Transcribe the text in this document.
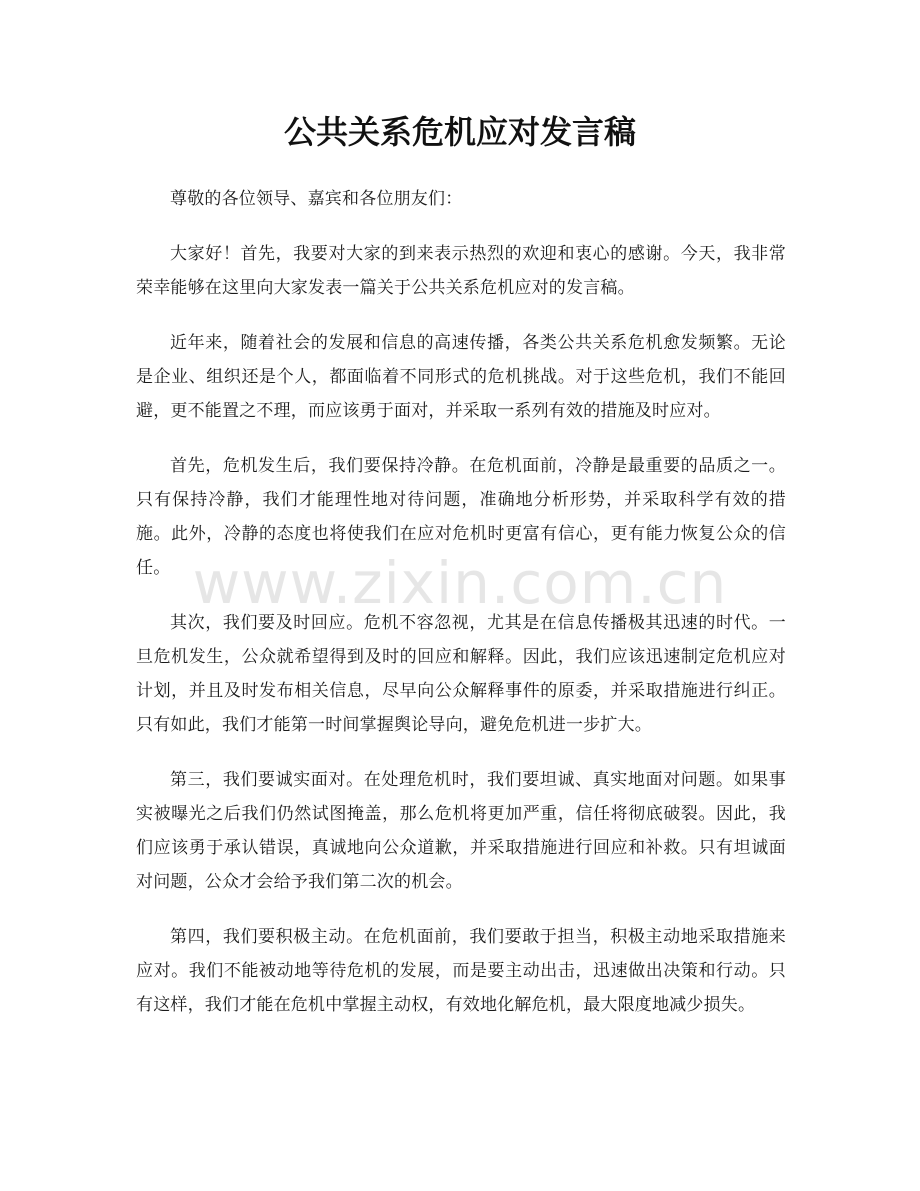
公共关系危机应对发言稿

尊敬的各位领导、嘉宾和各位朋友们：

大家好！首先，我要对大家的到来表示热烈的欢迎和衷心的感谢。今天，我非常荣幸能够在这里向大家发表一篇关于公共关系危机应对的发言稿。

近年来，随着社会的发展和信息的高速传播，各类公共关系危机愈发频繁。无论是企业、组织还是个人，都面临着不同形式的危机挑战。对于这些危机，我们不能回避，更不能置之不理，而应该勇于面对，并采取一系列有效的措施及时应对。

首先，危机发生后，我们要保持冷静。在危机面前，冷静是最重要的品质之一。只有保持冷静，我们才能理性地对待问题，准确地分析形势，并采取科学有效的措施。此外，冷静的态度也将使我们在应对危机时更富有信心，更有能力恢复公众的信任。

其次，我们要及时回应。危机不容忽视，尤其是在信息传播极其迅速的时代。一旦危机发生，公众就希望得到及时的回应和解释。因此，我们应该迅速制定危机应对计划，并且及时发布相关信息，尽早向公众解释事件的原委，并采取措施进行纠正。只有如此，我们才能第一时间掌握舆论导向，避免危机进一步扩大。

第三，我们要诚实面对。在处理危机时，我们要坦诚、真实地面对问题。如果事实被曝光之后我们仍然试图掩盖，那么危机将更加严重，信任将彻底破裂。因此，我们应该勇于承认错误，真诚地向公众道歉，并采取措施进行回应和补救。只有坦诚面对问题，公众才会给予我们第二次的机会。

第四，我们要积极主动。在危机面前，我们要敢于担当，积极主动地采取措施来应对。我们不能被动地等待危机的发展，而是要主动出击，迅速做出决策和行动。只有这样，我们才能在危机中掌握主动权，有效地化解危机，最大限度地减少损失。

www.zixin.com.cn
